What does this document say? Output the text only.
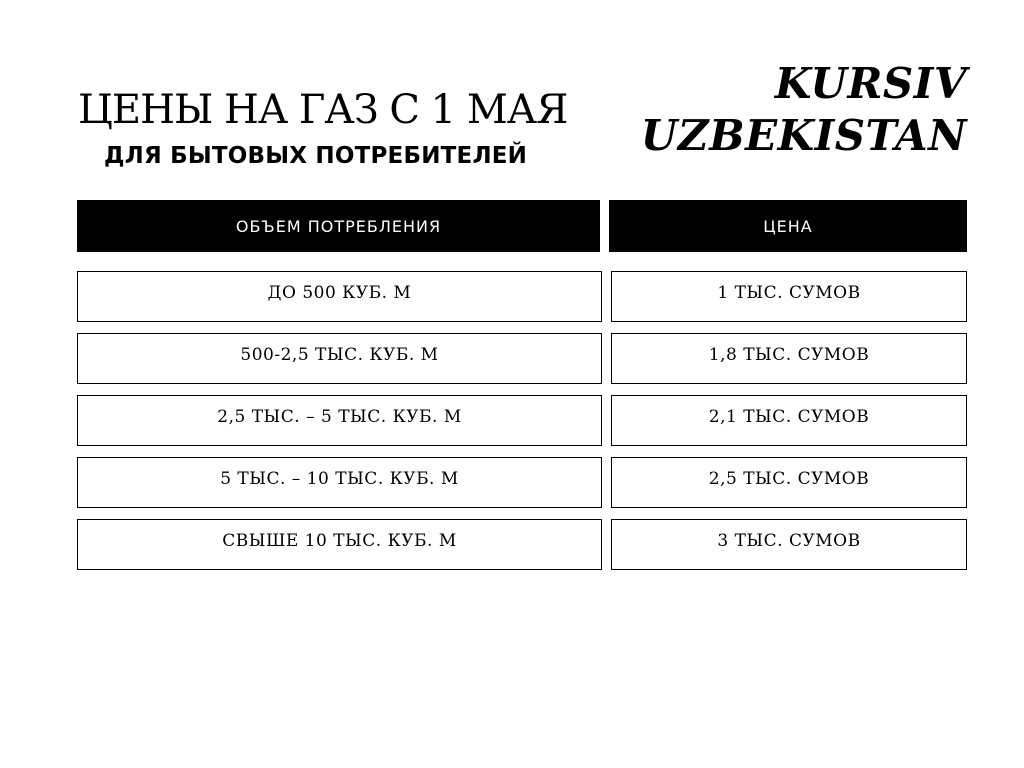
ЦЕНЫ НА ГАЗ С 1 МАЯ
ДЛЯ БЫТОВЫХ ПОТРЕБИТЕЛЕЙ
KURSIV
UZBEKISTAN
ОБЪЕМ ПОТРЕБЛЕНИЯ	ЦЕНА
ДО 500 КУБ. М	1 ТЫС. СУМОВ
500-2,5 ТЫС. КУБ. М	1,8 ТЫС. СУМОВ
2,5 ТЫС. – 5 ТЫС. КУБ. М	2,1 ТЫС. СУМОВ
5 ТЫС. – 10 ТЫС. КУБ. М	2,5 ТЫС. СУМОВ
СВЫШЕ 10 ТЫС. КУБ. М	3 ТЫС. СУМОВ
